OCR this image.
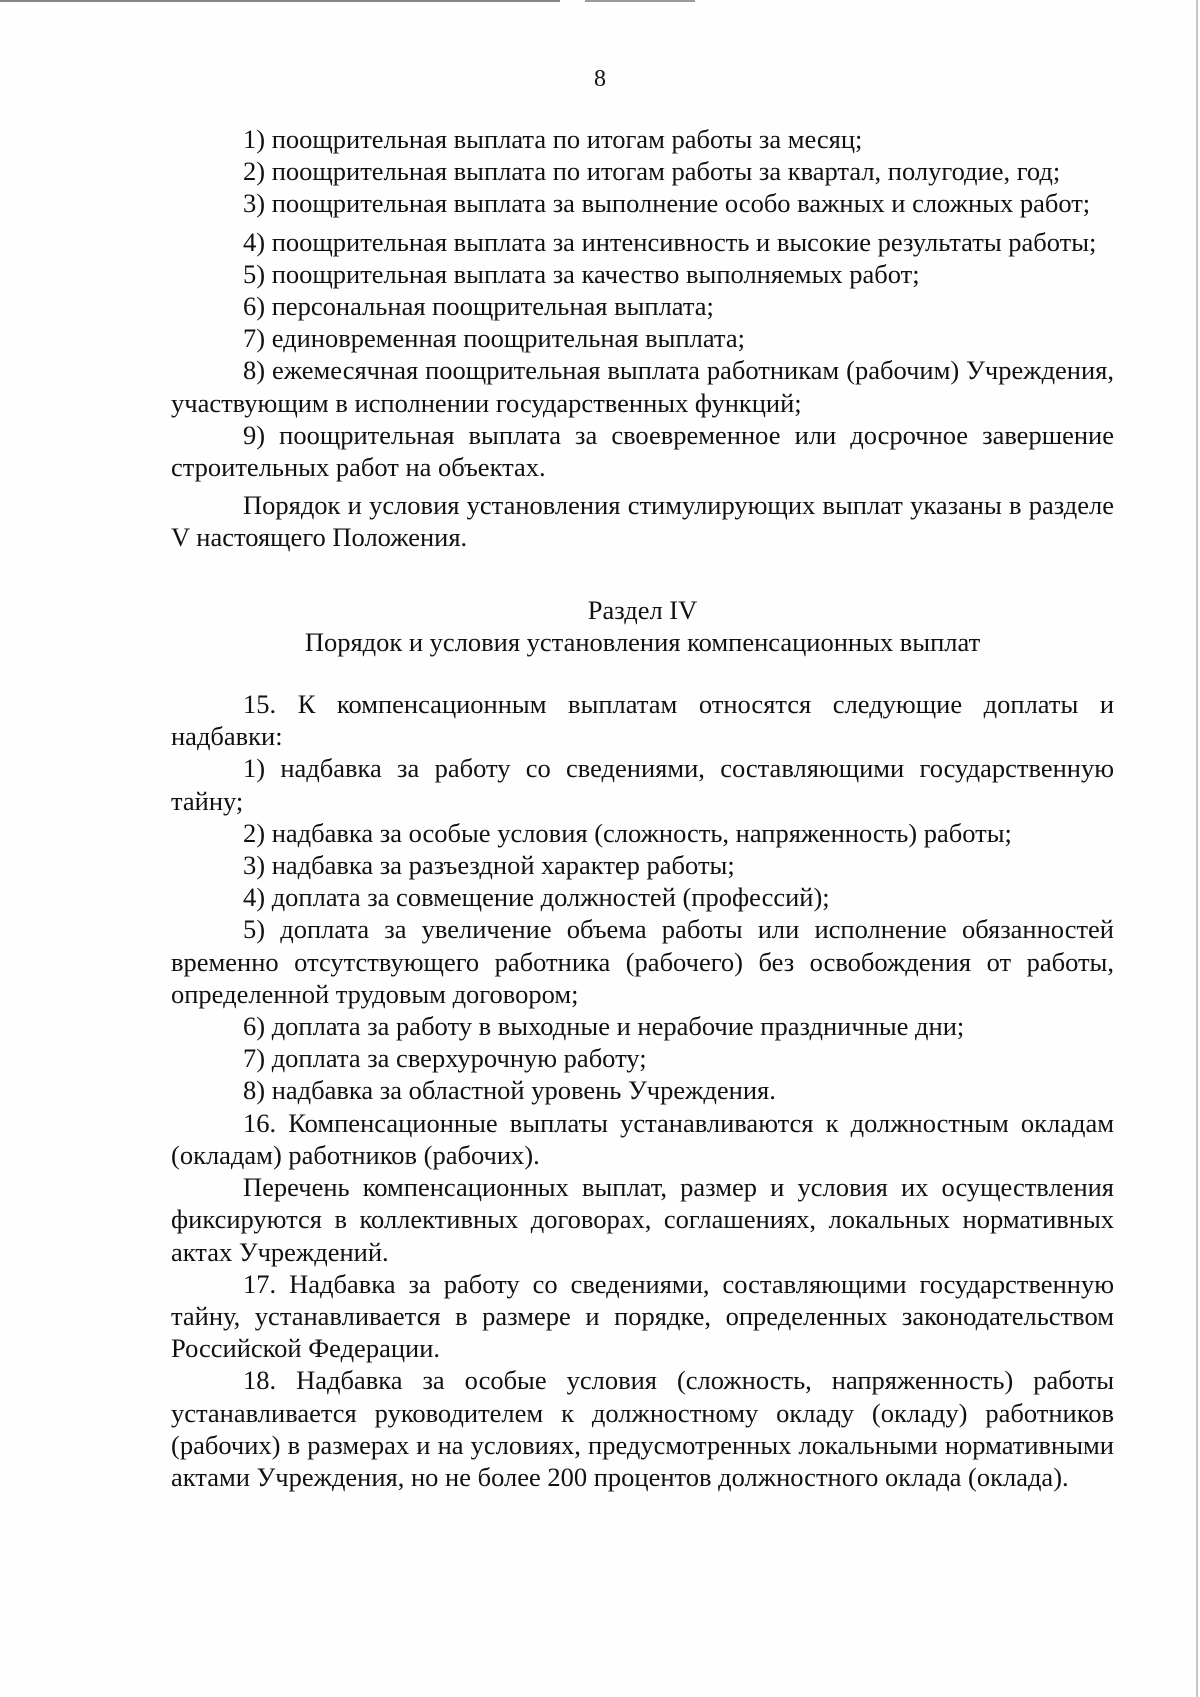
8

1) поощрительная выплата по итогам работы за месяц;

2) поощрительная выплата по итогам работы за квартал, полугодие, год;

3) поощрительная выплата за выполнение особо важных и сложных работ;

4) поощрительная выплата за интенсивность и высокие результаты работы;

5) поощрительная выплата за качество выполняемых работ;

6) персональная поощрительная выплата;

7) единовременная поощрительная выплата;

8) ежемесячная поощрительная выплата работникам (рабочим) Учреждения, участвующим в исполнении государственных функций;

9) поощрительная выплата за своевременное или досрочное завершение строительных работ на объектах.

Порядок и условия установления стимулирующих выплат указаны в разделе V настоящего Положения.

Раздел IV

Порядок и условия установления компенсационных выплат

15. К компенсационным выплатам относятся следующие доплаты и надбавки:

1) надбавка за работу со сведениями, составляющими государственную тайну;

2) надбавка за особые условия (сложность, напряженность) работы;

3) надбавка за разъездной характер работы;

4) доплата за совмещение должностей (профессий);

5) доплата за увеличение объема работы или исполнение обязанностей временно отсутствующего работника (рабочего) без освобождения от работы, определенной трудовым договором;

6) доплата за работу в выходные и нерабочие праздничные дни;

7) доплата за сверхурочную работу;

8) надбавка за областной уровень Учреждения.

16. Компенсационные выплаты устанавливаются к должностным окладам (окладам) работников (рабочих).

Перечень компенсационных выплат, размер и условия их осуществления фиксируются в коллективных договорах, соглашениях, локальных нормативных актах Учреждений.

17. Надбавка за работу со сведениями, составляющими государственную тайну, устанавливается в размере и порядке, определенных законодательством Российской Федерации.

18. Надбавка за особые условия (сложность, напряженность) работы устанавливается руководителем к должностному окладу (окладу) работников (рабочих) в размерах и на условиях, предусмотренных локальными нормативными актами Учреждения, но не более 200 процентов должностного оклада (оклада).
